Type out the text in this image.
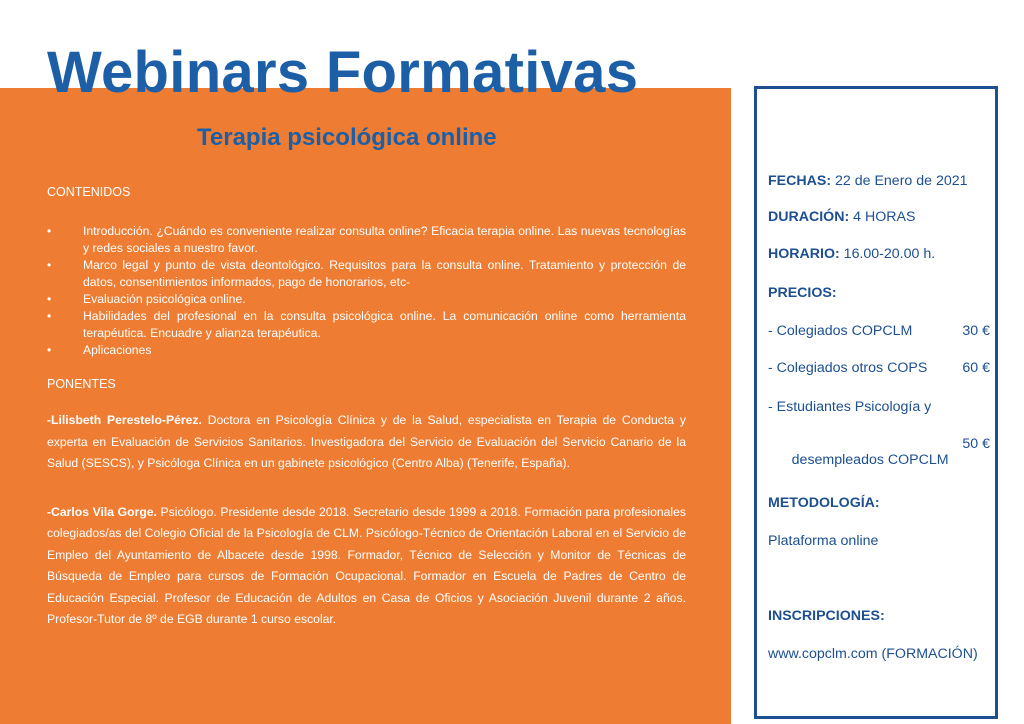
Webinars Formativas
Terapia psicológica online
CONTENIDOS
• Introducción. ¿Cuándo es conveniente realizar consulta online? Eficacia terapia online. Las nuevas tecnologías y redes sociales a nuestro favor.
• Marco legal y punto de vista deontológico. Requisitos para la consulta online. Tratamiento y protección de datos, consentimientos informados, pago de honorarios, etc-
• Evaluación psicológica online.
• Habilidades del profesional en la consulta psicológica online. La comunicación online como herramienta terapéutica. Encuadre y alianza terapéutica.
• Aplicaciones
PONENTES

-Lilisbeth Perestelo-Pérez. Doctora en Psicología Clínica y de la Salud, especialista en Terapia de Conducta y experta en Evaluación de Servicios Sanitarios. Investigadora del Servicio de Evaluación del Servicio Canario de la Salud (SESCS), y Psicóloga Clínica en un gabinete psicológico (Centro Alba) (Tenerife, España).

-Carlos Vila Gorge. Psicólogo. Presidente desde 2018. Secretario desde 1999 a 2018. Formación para profesionales colegiados/as del Colegio Oficial de la Psicología de CLM. Psicólogo-Técnico de Orientación Laboral en el Servicio de Empleo del Ayuntamiento de Albacete desde 1998. Formador, Técnico de Selección y Monitor de Técnicas de Búsqueda de Empleo para cursos de Formación Ocupacional. Formador en Escuela de Padres de Centro de Educación Especial. Profesor de Educación de Adultos en Casa de Oficios y Asociación Juvenil durante 2 años. Profesor-Tutor de 8º de EGB durante 1 curso escolar.

FECHAS: 22 de Enero de 2021
DURACIÓN: 4 HORAS
HORARIO: 16.00-20.00 h.
PRECIOS:
- Colegiados COPCLM	30 €
- Colegiados otros COPS 60 €
- Estudiantes Psicología y

desempleados COPCLM

50 €

METODOLOGÍA:
Plataforma online
INSCRIPCIONES:
www.copclm.com (FORMACIÓN)
